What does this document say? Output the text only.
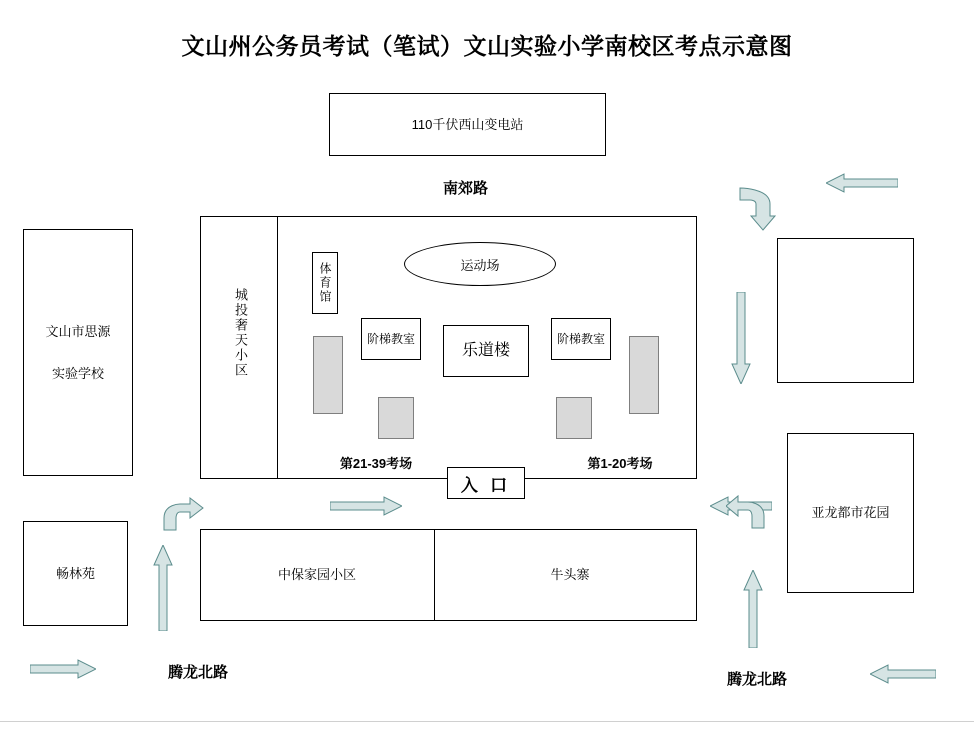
文山州公务员考试（笔试）文山实验小学南校区考点示意图
110千伏西山变电站
南郊路
文山市思源
实验学校
亚龙都市花园
城投奢天小区
体育馆	运动场
阶梯教室
乐道楼
阶梯教室
第21-39考场	第1-20考场
入 口
畅林苑	中保家园小区	牛头寨
腾龙北路	腾龙北路
